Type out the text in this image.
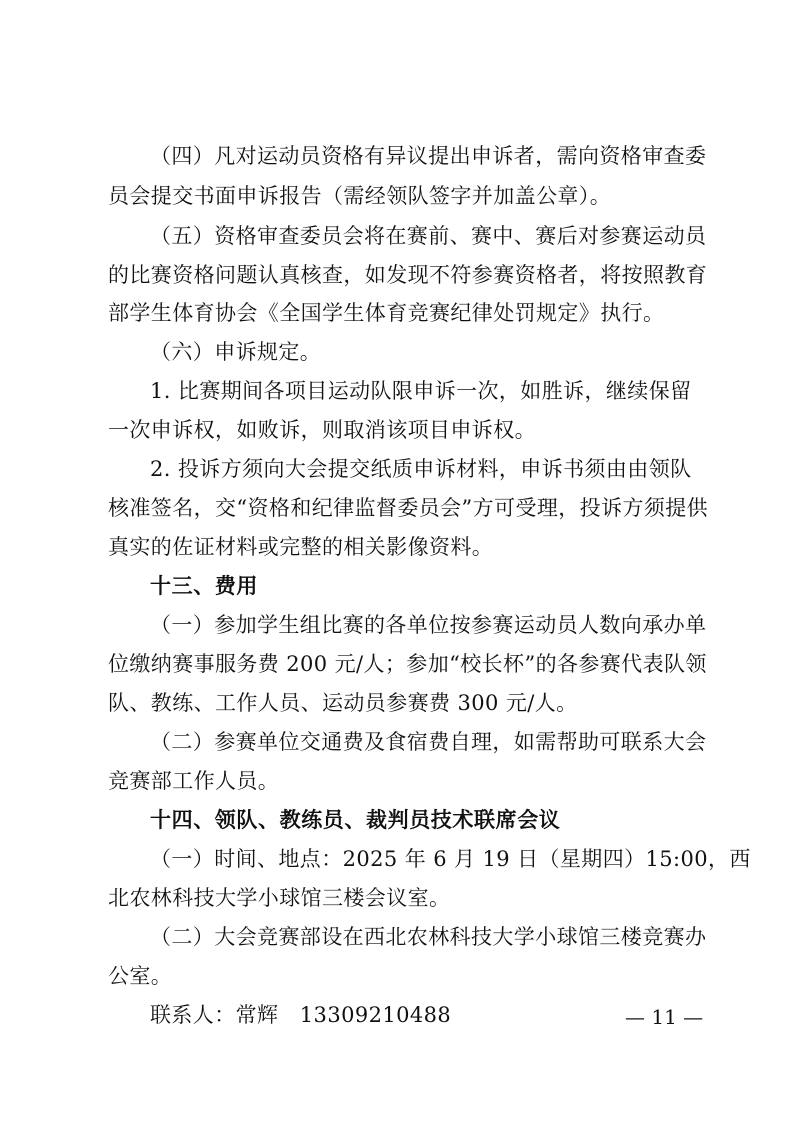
（四）凡对运动员资格有异议提出申诉者，需向资格审查委
员会提交书面申诉报告（需经领队签字并加盖公章）。
（五）资格审查委员会将在赛前、赛中、赛后对参赛运动员
的比赛资格问题认真核查，如发现不符参赛资格者，将按照教育
部学生体育协会《全国学生体育竞赛纪律处罚规定》执行。
（六）申诉规定。
1. 比赛期间各项目运动队限申诉一次，如胜诉，继续保留
一次申诉权，如败诉，则取消该项目申诉权。
2. 投诉方须向大会提交纸质申诉材料，申诉书须由由领队
核准签名，交“资格和纪律监督委员会”方可受理，投诉方须提供
真实的佐证材料或完整的相关影像资料。
十三、费用
（一）参加学生组比赛的各单位按参赛运动员人数向承办单
位缴纳赛事服务费 200 元/人；参加“校长杯”的各参赛代表队领
队、教练、工作人员、运动员参赛费 300 元/人。
（二）参赛单位交通费及食宿费自理，如需帮助可联系大会
竞赛部工作人员。
十四、领队、教练员、裁判员技术联席会议
（一）时间、地点：2025 年 6 月 19 日（星期四）15:00，西
北农林科技大学小球馆三楼会议室。
（二）大会竞赛部设在西北农林科技大学小球馆三楼竞赛办
公室。
联系人：常辉　13309210488	— 11 —
